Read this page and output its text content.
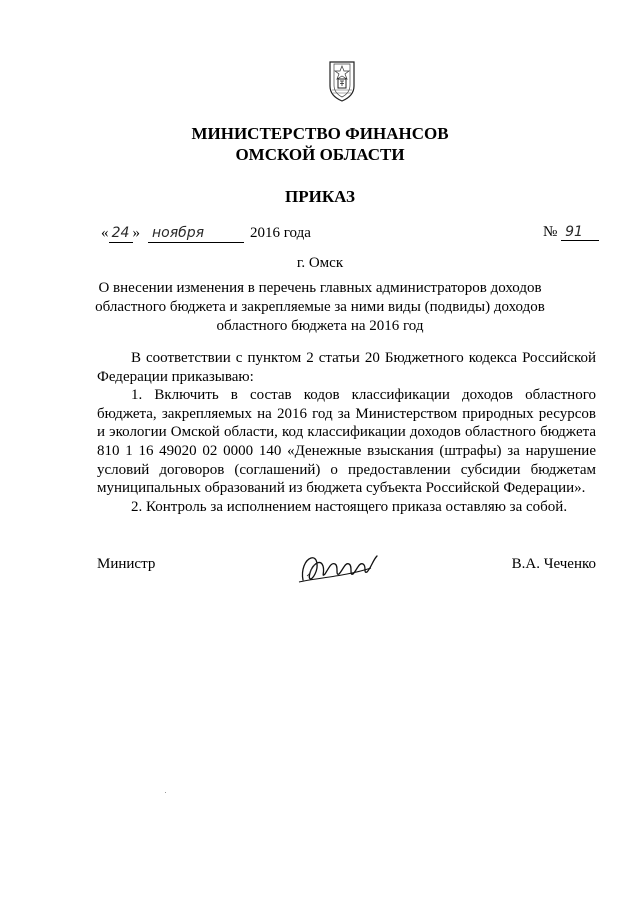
МИНИСТЕРСТВО ФИНАНСОВ
ОМСКОЙ ОБЛАСТИ
ПРИКАЗ
« 24 » ноября	2016 года	№ 91
г. Омск
О внесении изменения в перечень главных администраторов доходов
областного бюджета и закрепляемые за ними виды (подвиды) доходов
областного бюджета на 2016 год

В соответствии с пунктом 2 статьи 20 Бюджетного кодекса Российской Федерации приказываю:

1. Включить в состав кодов классификации доходов областного бюджета, закрепляемых на 2016 год за Министерством природных ресурсов и экологии Омской области, код классификации доходов областного бюджета 810 1 16 49020 02 0000 140 «Денежные взыскания (штрафы) за нарушение условий договоров (соглашений) о предоставлении субсидии бюджетам муниципальных образований из бюджета субъекта Российской Федерации».

2. Контроль за исполнением настоящего приказа оставляю за собой.

Министр	В.А. Чеченко
